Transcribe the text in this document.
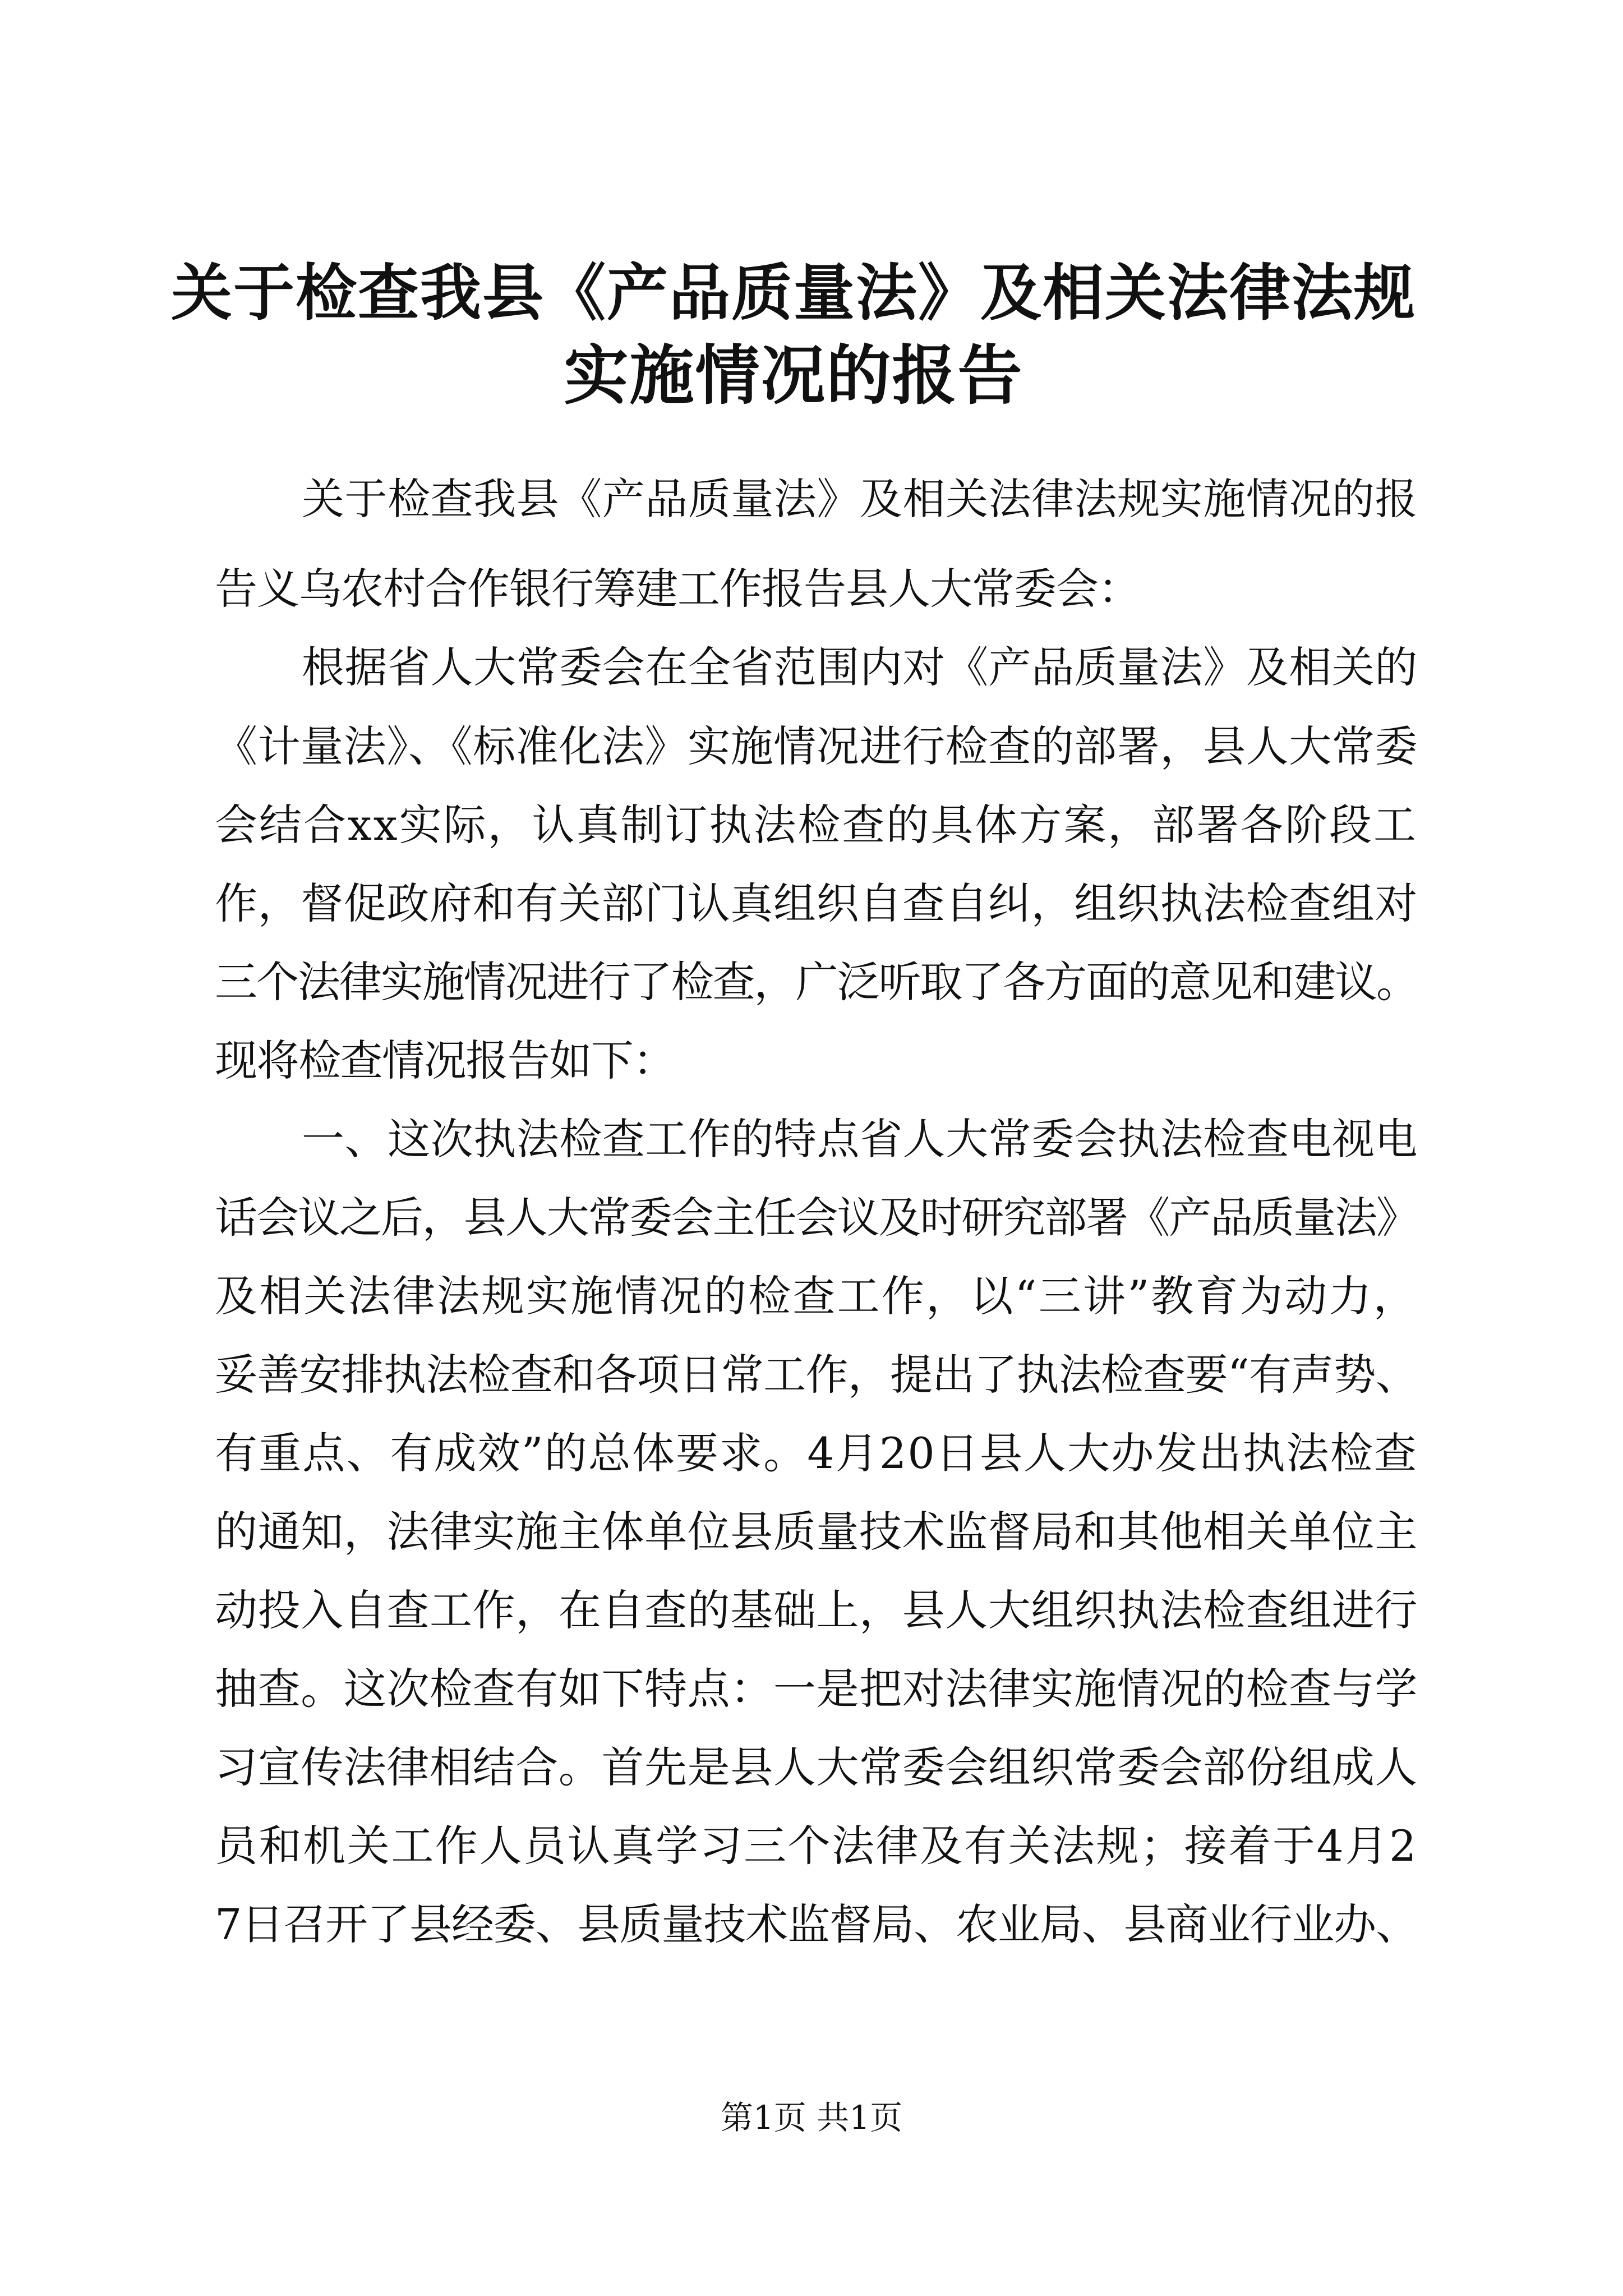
关于检查我县《产品质量法》及相关法律法规
实施情况的报告
关于检查我县《产品质量法》及相关法律法规实施情况的报
告义乌农村合作银行筹建工作报告县人大常委会：
根据省人大常委会在全省范围内对《产品质量法》及相关的
《计量法》、《标准化法》实施情况进行检查的部署，县人大常委
会结合xx实际，认真制订执法检查的具体方案，部署各阶段工
作，督促政府和有关部门认真组织自查自纠，组织执法检查组对
三个法律实施情况进行了检查，广泛听取了各方面的意见和建议。
现将检查情况报告如下：
一、这次执法检查工作的特点省人大常委会执法检查电视电
话会议之后，县人大常委会主任会议及时研究部署《产品质量法》
及相关法律法规实施情况的检查工作，以“三讲”教育为动力，
妥善安排执法检查和各项日常工作，提出了执法检查要“有声势、
有重点、有成效”的总体要求。4月20日县人大办发出执法检查
的通知，法律实施主体单位县质量技术监督局和其他相关单位主
动投入自查工作，在自查的基础上，县人大组织执法检查组进行
抽查。这次检查有如下特点：一是把对法律实施情况的检查与学
习宣传法律相结合。首先是县人大常委会组织常委会部份组成人
员和机关工作人员认真学习三个法律及有关法规；接着于4月2
7日召开了县经委、县质量技术监督局、农业局、县商业行业办、
第1页 共1页
